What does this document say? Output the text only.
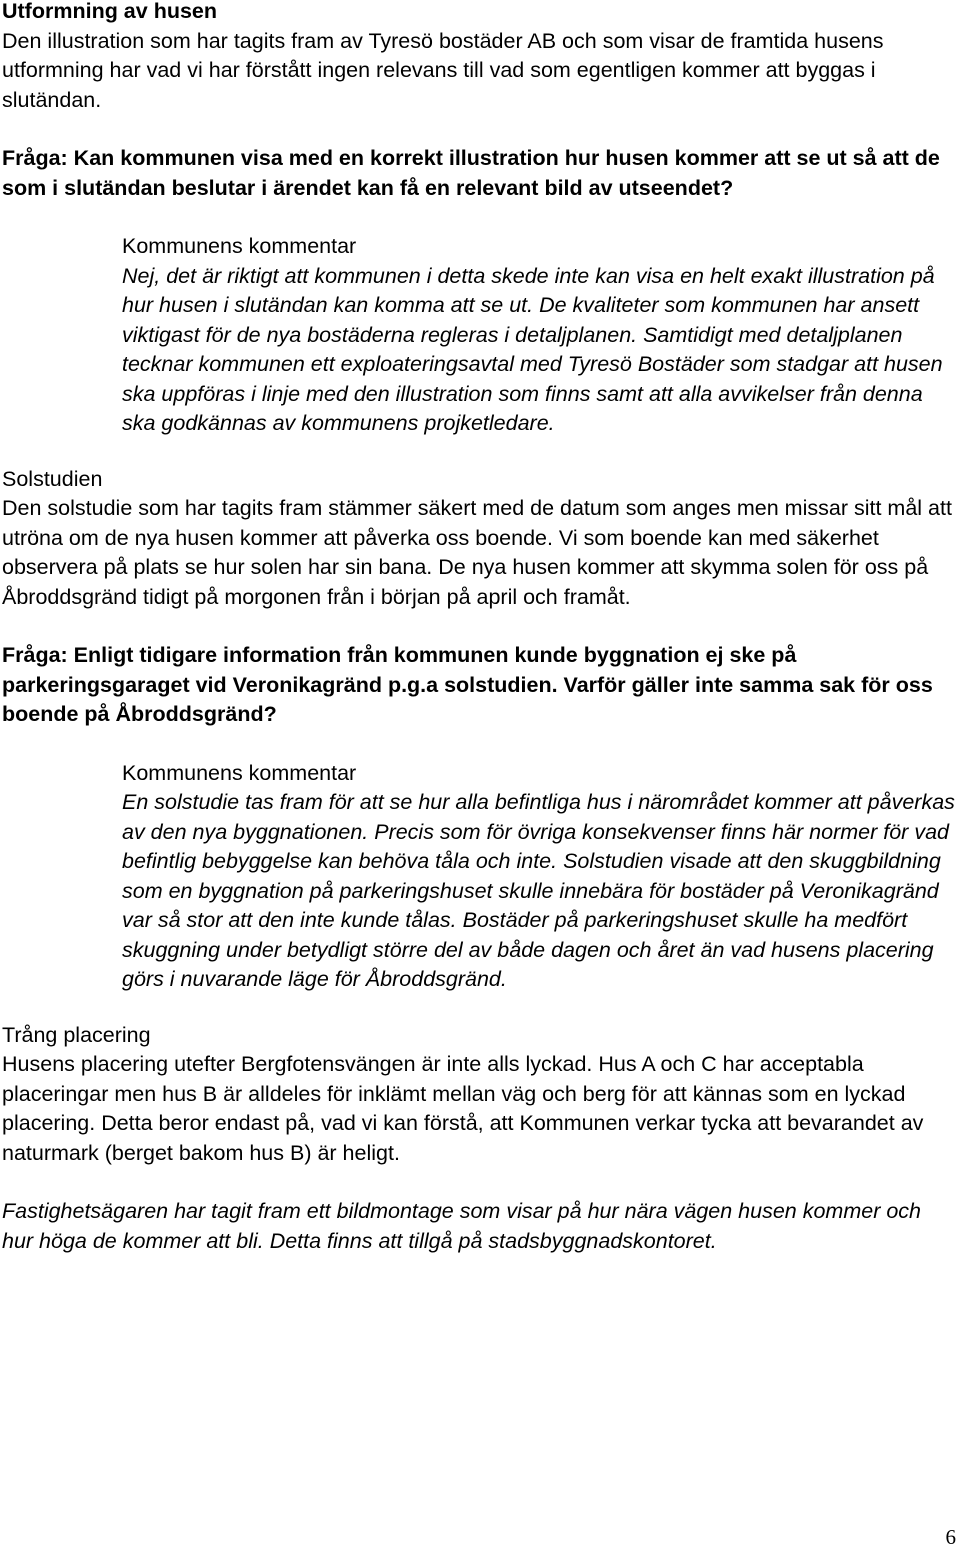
Utformning av husen

Den illustration som har tagits fram av Tyresö bostäder AB och som visar de framtida husens utformning har vad vi har förstått ingen relevans till vad som egentligen kommer att byggas i slutändan.

Fråga: Kan kommunen visa med en korrekt illustration hur husen kommer att se ut så att de som i slutändan beslutar i ärendet kan få en relevant bild av utseendet?

Kommunens kommentar

Nej, det är riktigt att kommunen i detta skede inte kan visa en helt exakt illustration på hur husen i slutändan kan komma att se ut. De kvaliteter som kommunen har ansett viktigast för de nya bostäderna regleras i detaljplanen. Samtidigt med detaljplanen tecknar kommunen ett exploateringsavtal med Tyresö Bostäder som stadgar att husen ska uppföras i linje med den illustration som finns samt att alla avvikelser från denna ska godkännas av kommunens projketledare.

Solstudien

Den solstudie som har tagits fram stämmer säkert med de datum som anges men missar sitt mål att utröna om de nya husen kommer att påverka oss boende. Vi som boende kan med säkerhet observera på plats se hur solen har sin bana. De nya husen kommer att skymma solen för oss på Åbroddsgränd tidigt på morgonen från i början på april och framåt.

Fråga: Enligt tidigare information från kommunen kunde byggnation ej ske på parkeringsgaraget vid Veronikagränd p.g.a solstudien. Varför gäller inte samma sak för oss boende på Åbroddsgränd?

Kommunens kommentar

En solstudie tas fram för att se hur alla befintliga hus i närområdet kommer att påverkas av den nya byggnationen. Precis som för övriga konsekvenser finns här normer för vad befintlig bebyggelse kan behöva tåla och inte. Solstudien visade att den skuggbildning som en byggnation på parkeringshuset skulle innebära för bostäder på Veronikagränd var så stor att den inte kunde tålas. Bostäder på parkeringshuset skulle ha medfört skuggning under betydligt större del av både dagen och året än vad husens placering görs i nuvarande läge för Åbroddsgränd.

Trång placering

Husens placering utefter Bergfotensvängen är inte alls lyckad. Hus A och C har acceptabla placeringar men hus B är alldeles för inklämt mellan väg och berg för att kännas som en lyckad placering. Detta beror endast på, vad vi kan förstå, att Kommunen verkar tycka att bevarandet av naturmark (berget bakom hus B) är heligt.

Fastighetsägaren har tagit fram ett bildmontage som visar på hur nära vägen husen kommer och hur höga de kommer att bli. Detta finns att tillgå på stadsbyggnadskontoret.

6
